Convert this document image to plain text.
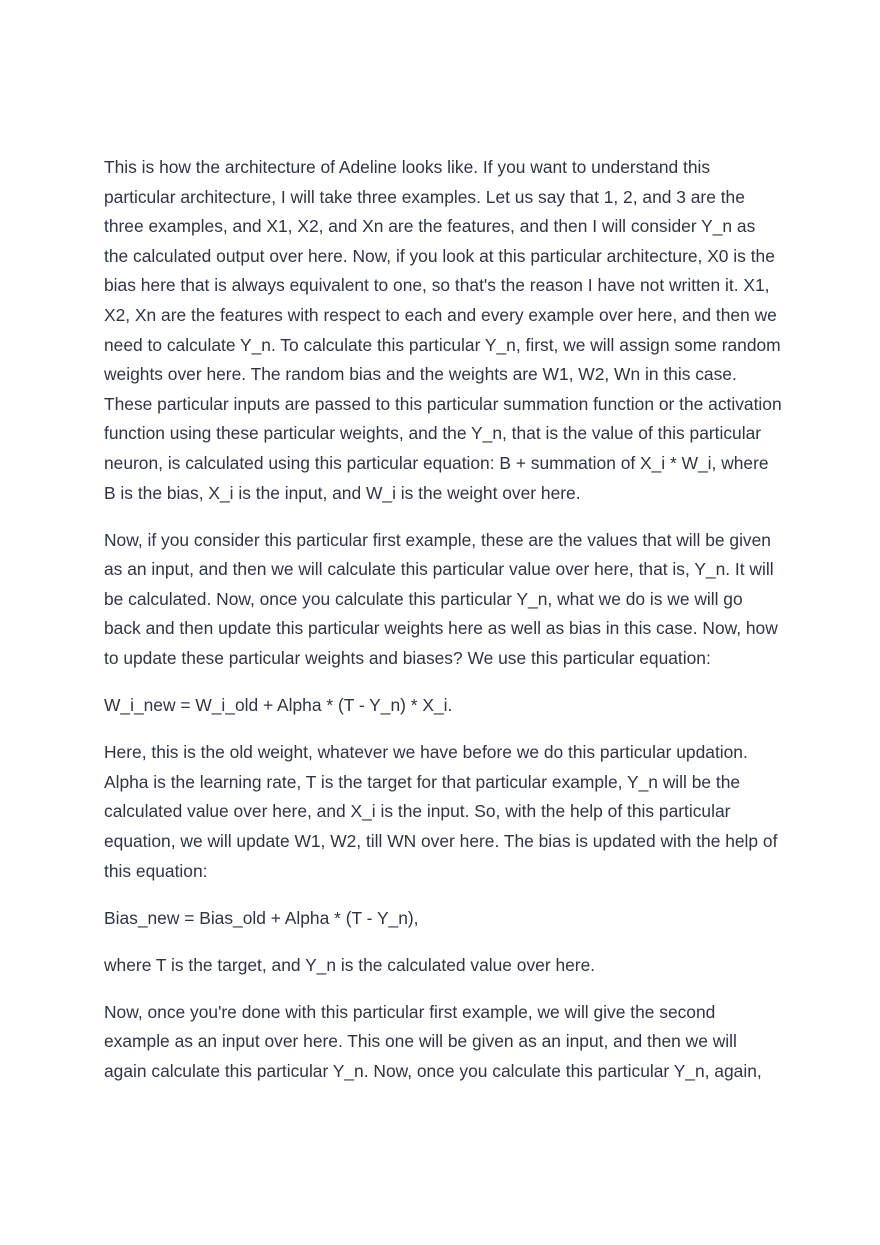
This is how the architecture of Adeline looks like. If you want to understand this particular architecture, I will take three examples. Let us say that 1, 2, and 3 are the three examples, and X1, X2, and Xn are the features, and then I will consider Y_n as the calculated output over here. Now, if you look at this particular architecture, X0 is the bias here that is always equivalent to one, so that's the reason I have not written it. X1, X2, Xn are the features with respect to each and every example over here, and then we need to calculate Y_n. To calculate this particular Y_n, first, we will assign some random weights over here. The random bias and the weights are W1, W2, Wn in this case. These particular inputs are passed to this particular summation function or the activation function using these particular weights, and the Y_n, that is the value of this particular neuron, is calculated using this particular equation: B + summation of X_i * W_i, where B is the bias, X_i is the input, and W_i is the weight over here.

Now, if you consider this particular first example, these are the values that will be given as an input, and then we will calculate this particular value over here, that is, Y_n. It will be calculated. Now, once you calculate this particular Y_n, what we do is we will go back and then update this particular weights here as well as bias in this case. Now, how to update these particular weights and biases? We use this particular equation:

W_i_new = W_i_old + Alpha * (T - Y_n) * X_i.

Here, this is the old weight, whatever we have before we do this particular updation. Alpha is the learning rate, T is the target for that particular example, Y_n will be the calculated value over here, and X_i is the input. So, with the help of this particular equation, we will update W1, W2, till WN over here. The bias is updated with the help of this equation:

Bias_new = Bias_old + Alpha * (T - Y_n),

where T is the target, and Y_n is the calculated value over here.

Now, once you're done with this particular first example, we will give the second example as an input over here. This one will be given as an input, and then we will again calculate this particular Y_n. Now, once you calculate this particular Y_n, again,
